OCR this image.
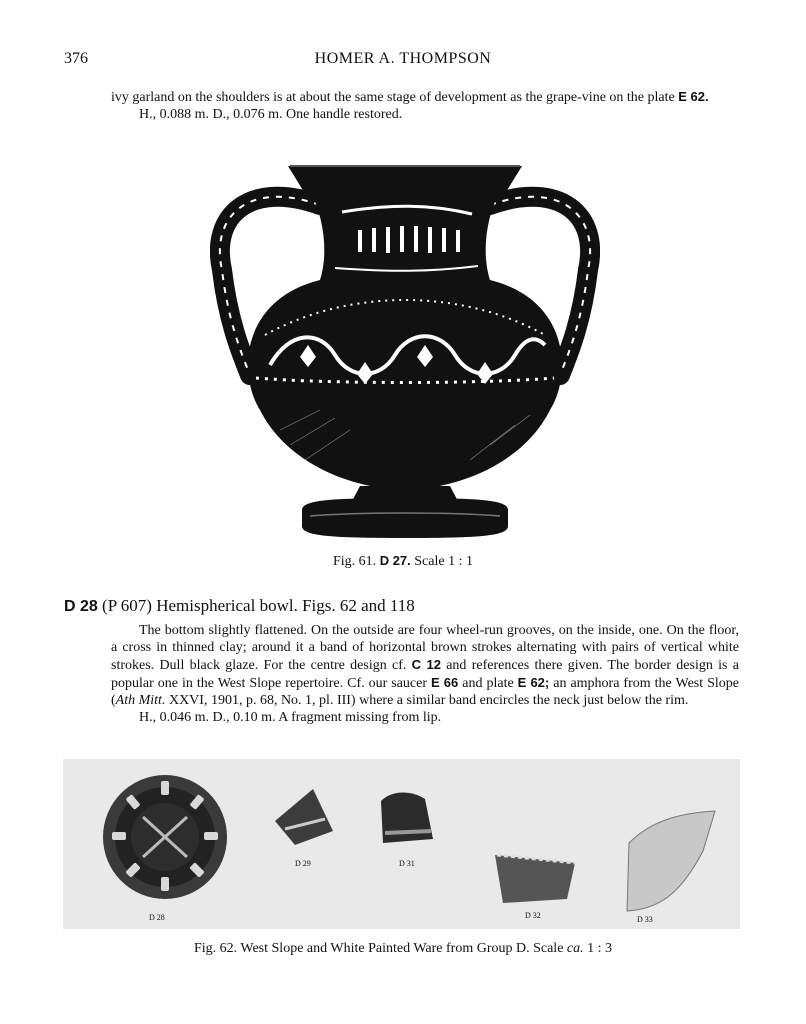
376	HOMER A. THOMPSON

ivy garland on the shoulders is at about the same stage of development as the grape-vine on the plate E 62.

H., 0.088 m. D., 0.076 m. One handle restored.

Fig. 61. D 27. Scale 1 : 1
D 28 (P 607) Hemispherical bowl. Figs. 62 and 118

The bottom slightly flattened. On the outside are four wheel-run grooves, on the inside, one. On the floor, a cross in thinned clay; around it a band of horizontal brown strokes alternating with pairs of vertical white strokes. Dull black glaze. For the centre design cf. C 12 and references there given. The border design is a popular one in the West Slope repertoire. Cf. our saucer E 66 and plate E 62; an amphora from the West Slope (Ath Mitt. XXVI, 1901, p. 68, No. 1, pl. III) where a similar band encircles the neck just below the rim.

H., 0.046 m. D., 0.10 m. A fragment missing from lip.

D 28
D 29	D 31
D 32	D 33
Fig. 62. West Slope and White Painted Ware from Group D. Scale ca. 1 : 3
